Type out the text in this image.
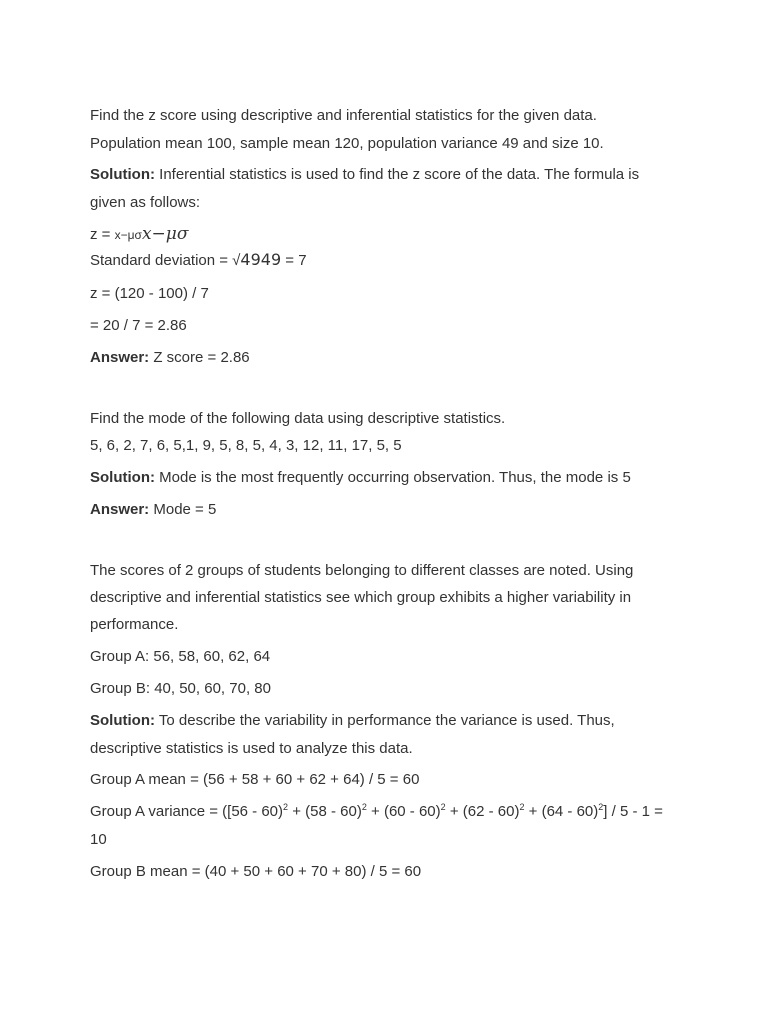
Find the z score using descriptive and inferential statistics for the given data.
Population mean 100, sample mean 120, population variance 49 and size 10.
Solution: Inferential statistics is used to find the z score of the data. The formula is
given as follows:
z = x−μσx−μσ
Standard deviation = √4949 = 7
z = (120 - 100) / 7
= 20 / 7 = 2.86
Answer: Z score = 2.86
Find the mode of the following data using descriptive statistics.
5, 6, 2, 7, 6, 5,1, 9, 5, 8, 5, 4, 3, 12, 11, 17, 5, 5
Solution: Mode is the most frequently occurring observation. Thus, the mode is 5
Answer: Mode = 5
The scores of 2 groups of students belonging to different classes are noted. Using
descriptive and inferential statistics see which group exhibits a higher variability in
performance.
Group A: 56, 58, 60, 62, 64
Group B: 40, 50, 60, 70, 80
Solution: To describe the variability in performance the variance is used. Thus,
descriptive statistics is used to analyze this data.
Group A mean = (56 + 58 + 60 + 62 + 64) / 5 = 60
Group A variance = ([56 - 60)$^2$ + (58 - 60)$^2$ + (60 - 60)$^2$ + (62 - 60)$^2$ + (64 - 60)$^2$] / 5 - 1 =
10
Group B mean = (40 + 50 + 60 + 70 + 80) / 5 = 60
